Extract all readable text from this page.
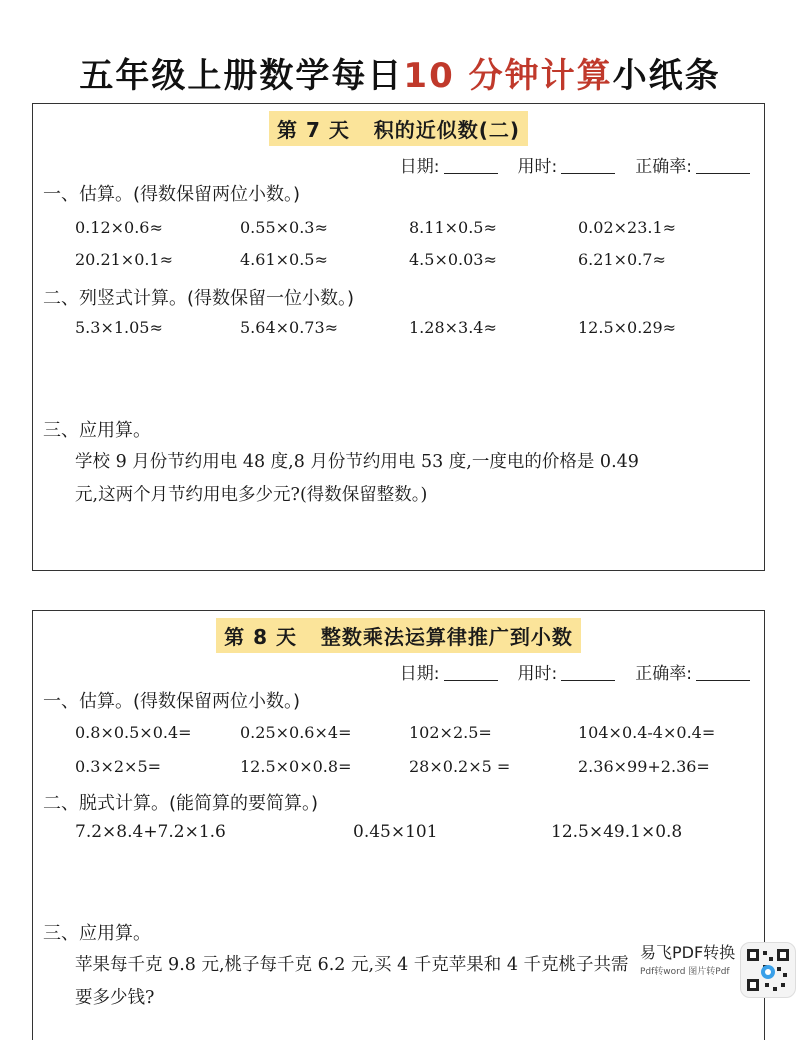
五年级上册数学每日10 分钟计算小纸条
第 7 天   积的近似数(二)
日期:	用时:	正确率:
一、估算。(得数保留两位小数。)
0.12×0.6≈	0.55×0.3≈	8.11×0.5≈	0.02×23.1≈
20.21×0.1≈	4.61×0.5≈	4.5×0.03≈	6.21×0.7≈
二、列竖式计算。(得数保留一位小数。)
5.3×1.05≈	5.64×0.73≈	1.28×3.4≈	12.5×0.29≈
三、应用算。
学校 9 月份节约用电 48 度,8 月份节约用电 53 度,一度电的价格是 0.49
元,这两个月节约用电多少元?(得数保留整数。)
第 8 天   整数乘法运算律推广到小数
日期:	用时:	正确率:
一、估算。(得数保留两位小数。)
0.8×0.5×0.4=	0.25×0.6×4=	102×2.5=	104×0.4-4×0.4=
0.3×2×5=	12.5×0×0.8=	28×0.2×5 =	2.36×99+2.36=
二、脱式计算。(能简算的要简算。)
7.2×8.4+7.2×1.6	0.45×101	12.5×49.1×0.8
三、应用算。
苹果每千克 9.8 元,桃子每千克 6.2 元,买 4 千克苹果和 4 千克桃子共需
要多少钱?
易飞PDF转换
Pdf转word 图片转Pdf
